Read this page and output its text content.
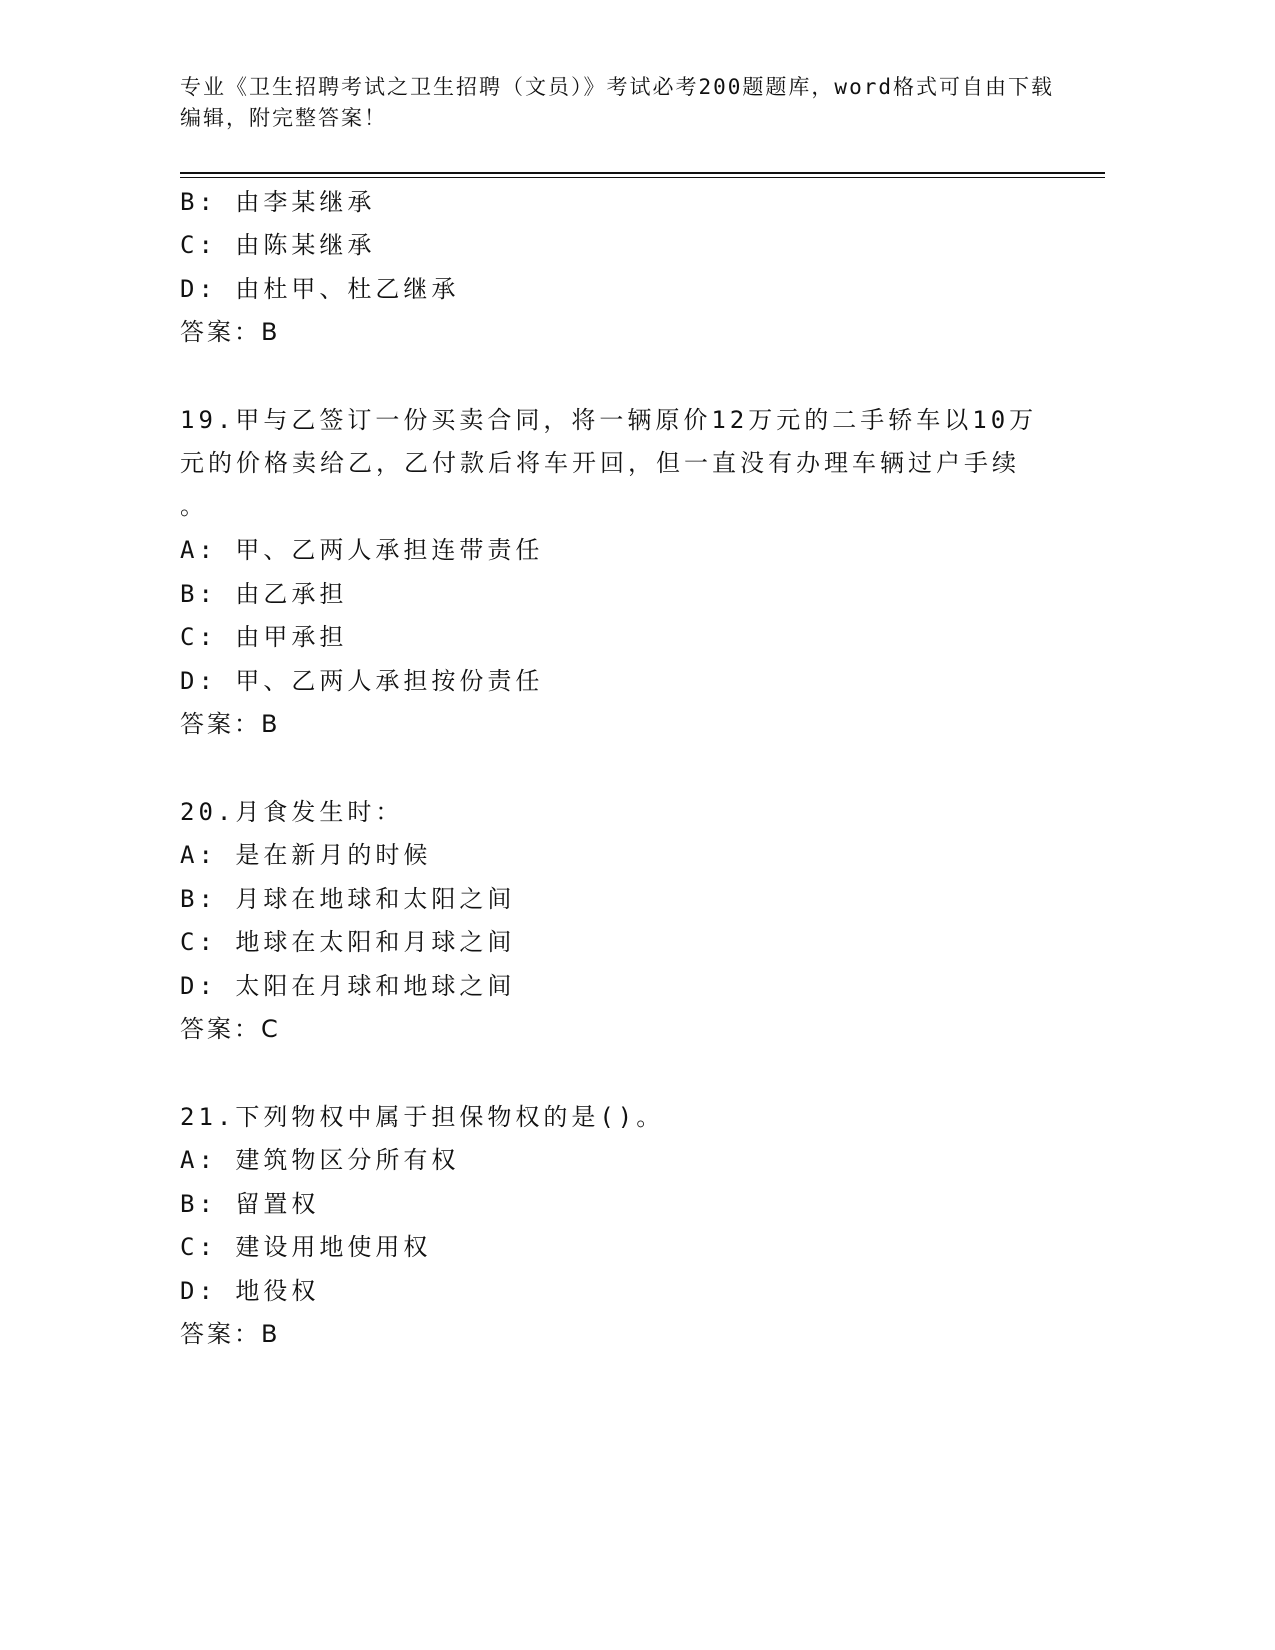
专业《卫生招聘考试之卫生招聘（文员）》考试必考200题题库，word格式可自由下载编辑，附完整答案！
B: 由李某继承
C: 由陈某继承
D: 由杜甲、杜乙继承
答案：B
19.甲与乙签订一份买卖合同，将一辆原价12万元的二手轿车以10万
元的价格卖给乙，乙付款后将车开回，但一直没有办理车辆过户手续
。
A: 甲、乙两人承担连带责任
B: 由乙承担
C: 由甲承担
D: 甲、乙两人承担按份责任
答案：B
20.月食发生时：
A: 是在新月的时候
B: 月球在地球和太阳之间
C: 地球在太阳和月球之间
D: 太阳在月球和地球之间
答案：C
21.下列物权中属于担保物权的是()。
A: 建筑物区分所有权
B: 留置权
C: 建设用地使用权
D: 地役权
答案：B
